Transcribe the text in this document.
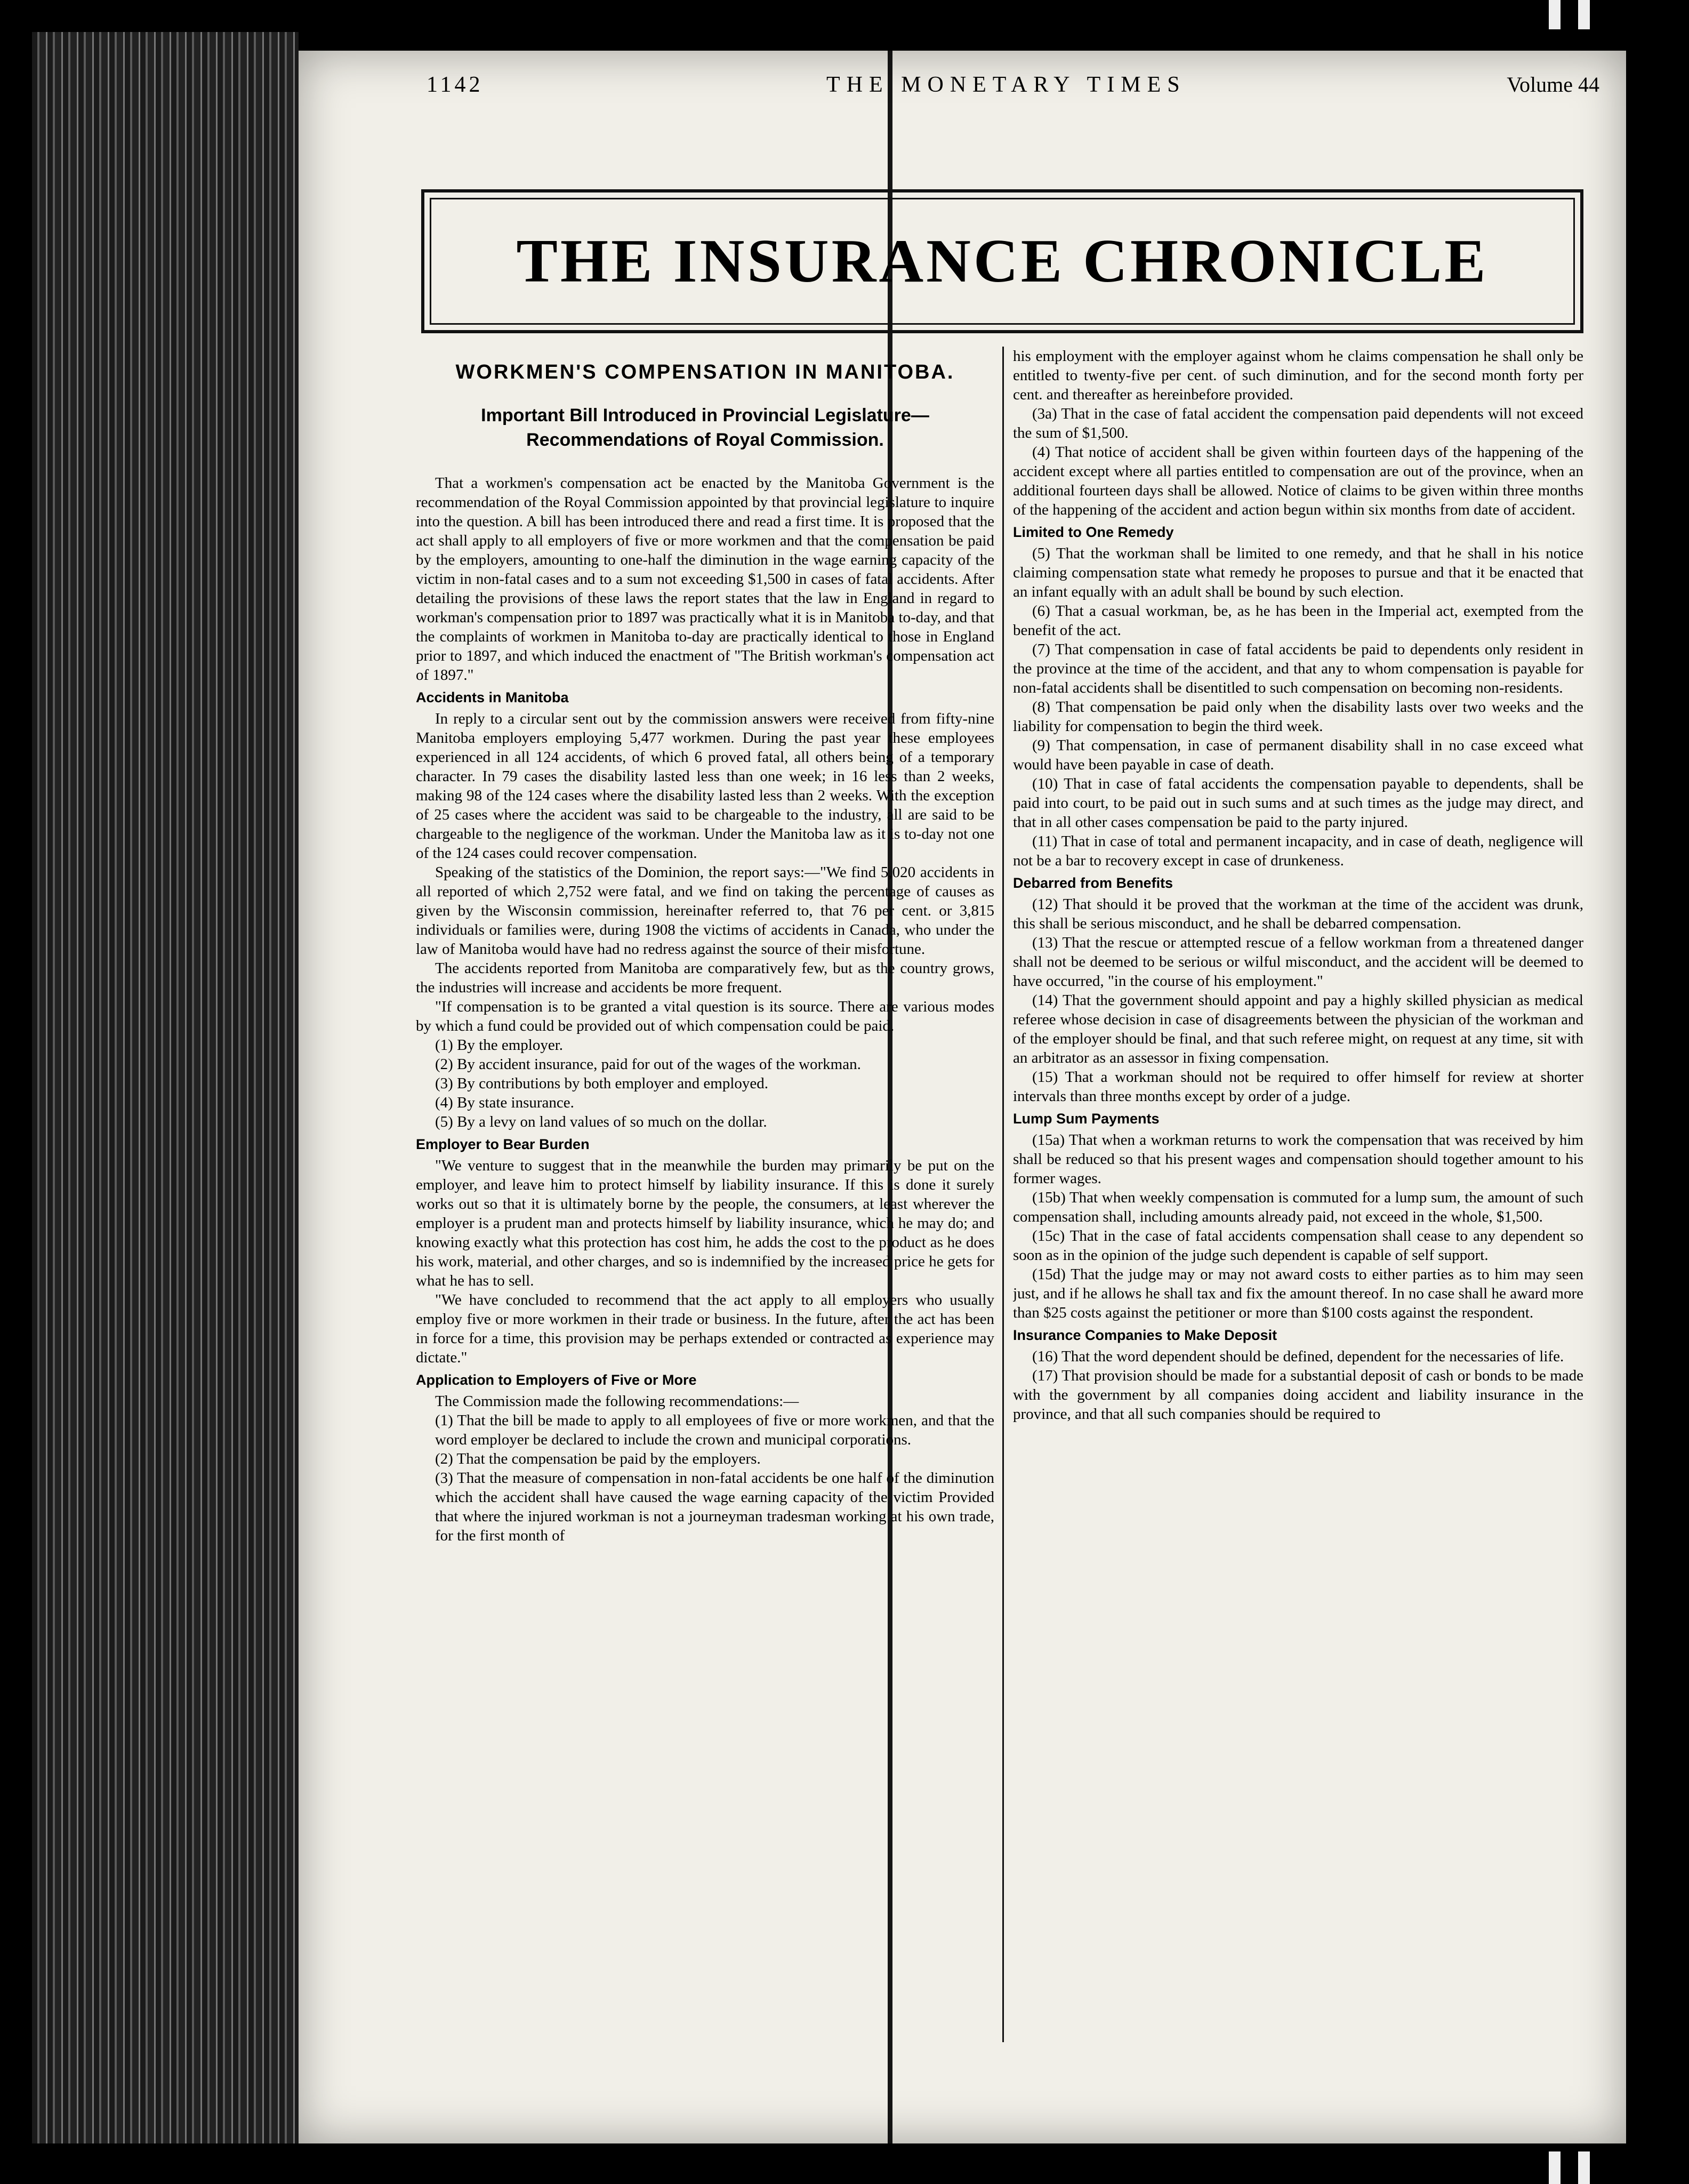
1142	THE MONETARY TIMES	Volume 44
THE INSURANCE CHRONICLE
WORKMEN'S COMPENSATION IN MANITOBA.
Important Bill Introduced in Provincial Legislature—Recommendations of Royal Commission.

That a workmen's compensation act be enacted by the Manitoba Government is the recommendation of the Royal Commission appointed by that provincial legislature to inquire into the question. A bill has been introduced there and read a first time. It is proposed that the act shall apply to all employers of five or more workmen and that the compensation be paid by the employers, amounting to one-half the diminution in the wage earning capacity of the victim in non-fatal cases and to a sum not exceeding $1,500 in cases of fatal accidents. After detailing the provisions of these laws the report states that the law in England in regard to workman's compensation prior to 1897 was practically what it is in Manitoba to-day, and that the complaints of workmen in Manitoba to-day are practically identical to those in England prior to 1897, and which induced the enactment of "The British workman's compensation act of 1897."

Accidents in Manitoba

In reply to a circular sent out by the commission answers were received from fifty-nine Manitoba employers employing 5,477 workmen. During the past year these employees experienced in all 124 accidents, of which 6 proved fatal, all others being of a temporary character. In 79 cases the disability lasted less than one week; in 16 less than 2 weeks, making 98 of the 124 cases where the disability lasted less than 2 weeks. With the exception of 25 cases where the accident was said to be chargeable to the industry, all are said to be chargeable to the negligence of the workman. Under the Manitoba law as it is to-day not one of the 124 cases could recover compensation.

Speaking of the statistics of the Dominion, the report says:—"We find 5,020 accidents in all reported of which 2,752 were fatal, and we find on taking the percentage of causes as given by the Wisconsin commission, hereinafter referred to, that 76 per cent. or 3,815 individuals or families were, during 1908 the victims of accidents in Canada, who under the law of Manitoba would have had no redress against the source of their misfortune.

The accidents reported from Manitoba are comparatively few, but as the country grows, the industries will increase and accidents be more frequent.

"If compensation is to be granted a vital question is its source. There are various modes by which a fund could be provided out of which compensation could be paid.

(1) By the employer.

(2) By accident insurance, paid for out of the wages of the workman.

(3) By contributions by both employer and employed.

(4) By state insurance.

(5) By a levy on land values of so much on the dollar.

Employer to Bear Burden

"We venture to suggest that in the meanwhile the burden may primarily be put on the employer, and leave him to protect himself by liability insurance. If this is done it surely works out so that it is ultimately borne by the people, the consumers, at least wherever the employer is a prudent man and protects himself by liability insurance, which he may do; and knowing exactly what this protection has cost him, he adds the cost to the product as he does his work, material, and other charges, and so is indemnified by the increased price he gets for what he has to sell.

"We have concluded to recommend that the act apply to all employers who usually employ five or more workmen in their trade or business. In the future, after the act has been in force for a time, this provision may be perhaps extended or contracted as experience may dictate."

Application to Employers of Five or More

The Commission made the following recommendations:—

(1) That the bill be made to apply to all employees of five or more workmen, and that the word employer be declared to include the crown and municipal corporations.

(2) That the compensation be paid by the employers.

(3) That the measure of compensation in non-fatal accidents be one half of the diminution which the accident shall have caused the wage earning capacity of the victim Provided that where the injured workman is not a journeyman tradesman working at his own trade, for the first month of

his employment with the employer against whom he claims compensation he shall only be entitled to twenty-five per cent. of such diminution, and for the second month forty per cent. and thereafter as hereinbefore provided.

(3a) That in the case of fatal accident the compensation paid dependents will not exceed the sum of $1,500.

(4) That notice of accident shall be given within fourteen days of the happening of the accident except where all parties entitled to compensation are out of the province, when an additional fourteen days shall be allowed. Notice of claims to be given within three months of the happening of the accident and action begun within six months from date of accident.

Limited to One Remedy

(5) That the workman shall be limited to one remedy, and that he shall in his notice claiming compensation state what remedy he proposes to pursue and that it be enacted that an infant equally with an adult shall be bound by such election.

(6) That a casual workman, be, as he has been in the Imperial act, exempted from the benefit of the act.

(7) That compensation in case of fatal accidents be paid to dependents only resident in the province at the time of the accident, and that any to whom compensation is payable for non-fatal accidents shall be disentitled to such compensation on becoming non-residents.

(8) That compensation be paid only when the disability lasts over two weeks and the liability for compensation to begin the third week.

(9) That compensation, in case of permanent disability shall in no case exceed what would have been payable in case of death.

(10) That in case of fatal accidents the compensation payable to dependents, shall be paid into court, to be paid out in such sums and at such times as the judge may direct, and that in all other cases compensation be paid to the party injured.

(11) That in case of total and permanent incapacity, and in case of death, negligence will not be a bar to recovery except in case of drunkeness.

Debarred from Benefits

(12) That should it be proved that the workman at the time of the accident was drunk, this shall be serious misconduct, and he shall be debarred compensation.

(13) That the rescue or attempted rescue of a fellow workman from a threatened danger shall not be deemed to be serious or wilful misconduct, and the accident will be deemed to have occurred, "in the course of his employment."

(14) That the government should appoint and pay a highly skilled physician as medical referee whose decision in case of disagreements between the physician of the workman and of the employer should be final, and that such referee might, on request at any time, sit with an arbitrator as an assessor in fixing compensation.

(15) That a workman should not be required to offer himself for review at shorter intervals than three months except by order of a judge.

Lump Sum Payments

(15a) That when a workman returns to work the compensation that was received by him shall be reduced so that his present wages and compensation should together amount to his former wages.

(15b) That when weekly compensation is commuted for a lump sum, the amount of such compensation shall, including amounts already paid, not exceed in the whole, $1,500.

(15c) That in the case of fatal accidents compensation shall cease to any dependent so soon as in the opinion of the judge such dependent is capable of self support.

(15d) That the judge may or may not award costs to either parties as to him may seen just, and if he allows he shall tax and fix the amount thereof. In no case shall he award more than $25 costs against the petitioner or more than $100 costs against the respondent.

Insurance Companies to Make Deposit

(16) That the word dependent should be defined, dependent for the necessaries of life.

(17) That provision should be made for a substantial deposit of cash or bonds to be made with the government by all companies doing accident and liability insurance in the province, and that all such companies should be required to
